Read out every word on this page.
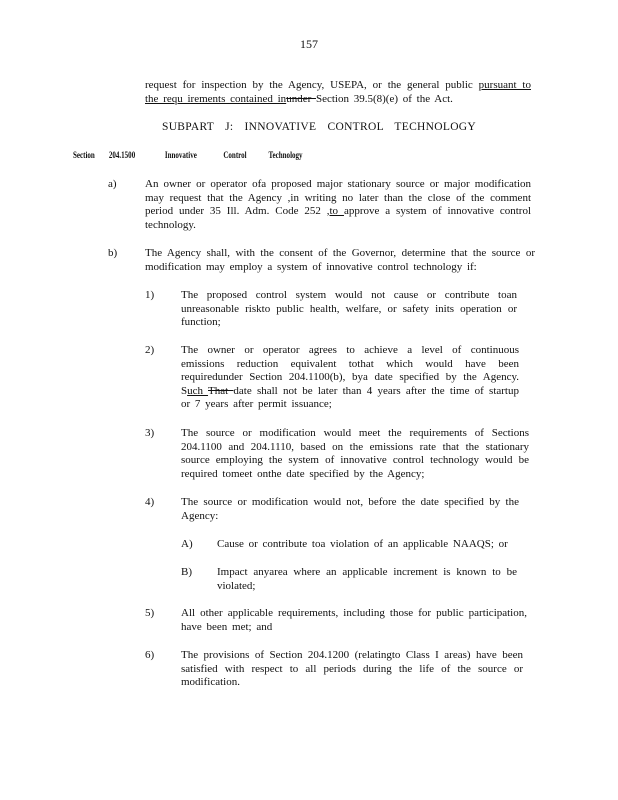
157

request for inspection by the Agency, USEPA, or the general public pursuant to the requ irements contained inunder Section 39.5(8)(e) of the Act.

SUBPART J: INNOVATIVE CONTROL TECHNOLOGY
Section 204.1500	Innovative	Control Technology
a)	An owner or operator ofa proposed major stationary source or major modification may request that the Agency ,in writing no later than the close of the comment period under 35 Ill. Adm. Code 252 ,to approve a system of innovative control technology.

b)	The Agency shall, with the consent of the Governor, determine that the source or modification may employ a system of innovative control technology if:

1) The proposed control system would not cause or contribute toan unreasonable riskto public health, welfare, or safety inits operation or function;

2) The owner or operator agrees to achieve a level of continuous emissions reduction equivalent tothat which would have been requiredunder Section 204.1100(b), bya date specified by the Agency. Such That date shall not be later than 4 years after the time of startup or 7 years after permit issuance;

3) The source or modification would meet the requirements of Sections 204.1100 and 204.1110, based on the emissions rate that the stationary source employing the system of innovative control technology would be required tomeet onthe date specified by the Agency;

4) The source or modification would not, before the date specified by the Agency:

A) Cause or contribute toa violation of an applicable NAAQS; or

B) Impact anyarea where an applicable increment is known to be violated;

5) All other applicable requirements, including those for public participation, have been met; and

6) The provisions of Section 204.1200 (relatingto Class I areas) have been satisfied with respect to all periods during the life of the source or modification.
